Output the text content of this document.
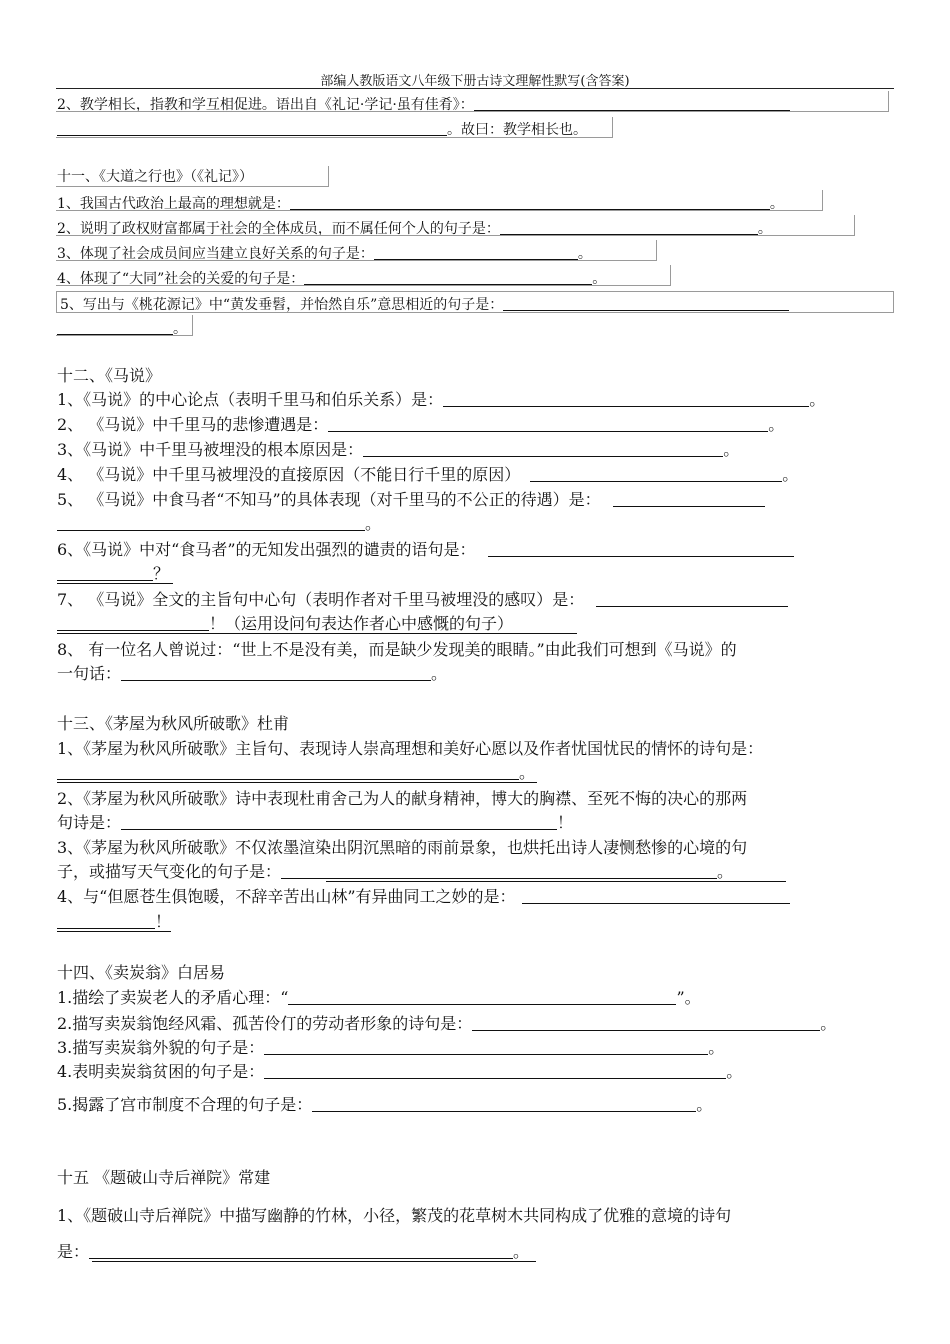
部编人教版语文八年级下册古诗文理解性默写(含答案)
2、教学相长，指教和学互相促进。语出自《礼记·学记·虽有佳肴》：
。故曰：教学相长也。
十一、《大道之行也》（《礼记》）
1、我国古代政治上最高的理想就是：	。
2、说明了政权财富都属于社会的全体成员，而不属任何个人的句子是：	。
3、体现了社会成员间应当建立良好关系的句子是：	。
4、体现了“大同”社会的关爱的句子是：	。
5、写出与《桃花源记》中“黄发垂髫，并怡然自乐”意思相近的句子是：
。
十二、《马说》
1、《马说》的中心论点（表明千里马和伯乐关系）是：	。
2、 《马说》中千里马的悲惨遭遇是：	。
3、《马说》中千里马被埋没的根本原因是：	。
4、 《马说》中千里马被埋没的直接原因（不能日行千里的原因）	。
5、 《马说》中食马者“不知马”的具体表现（对千里马的不公正的待遇）是：
。
6、《马说》中对“食马者”的无知发出强烈的谴责的语句是：
？
7、 《马说》全文的主旨句中心句（表明作者对千里马被埋没的感叹）是：
！（运用设问句表达作者心中感慨的句子）
8、 有一位名人曾说过：“世上不是没有美，而是缺少发现美的眼睛。”由此我们可想到《马说》的
一句话：	。
十三、《茅屋为秋风所破歌》杜甫
1、《茅屋为秋风所破歌》主旨句、表现诗人崇高理想和美好心愿以及作者忧国忧民的情怀的诗句是：
。
2、《茅屋为秋风所破歌》诗中表现杜甫舍己为人的献身精神，博大的胸襟、至死不悔的决心的那两
句诗是：	！
3、《茅屋为秋风所破歌》不仅浓墨渲染出阴沉黑暗的雨前景象，也烘托出诗人凄恻愁惨的心境的句
子，或描写天气变化的句子是：	。
4、与“但愿苍生俱饱暖，不辞辛苦出山林”有异曲同工之妙的是：
！
十四、《卖炭翁》白居易
1.描绘了卖炭老人的矛盾心理：“	”。
2.描写卖炭翁饱经风霜、孤苦伶仃的劳动者形象的诗句是：	。
3.描写卖炭翁外貌的句子是：	。
4.表明卖炭翁贫困的句子是：	。
5.揭露了宫市制度不合理的句子是：	。
十五 《题破山寺后禅院》常建
1、《题破山寺后禅院》中描写幽静的竹林，小径，繁茂的花草树木共同构成了优雅的意境的诗句
是：	。
